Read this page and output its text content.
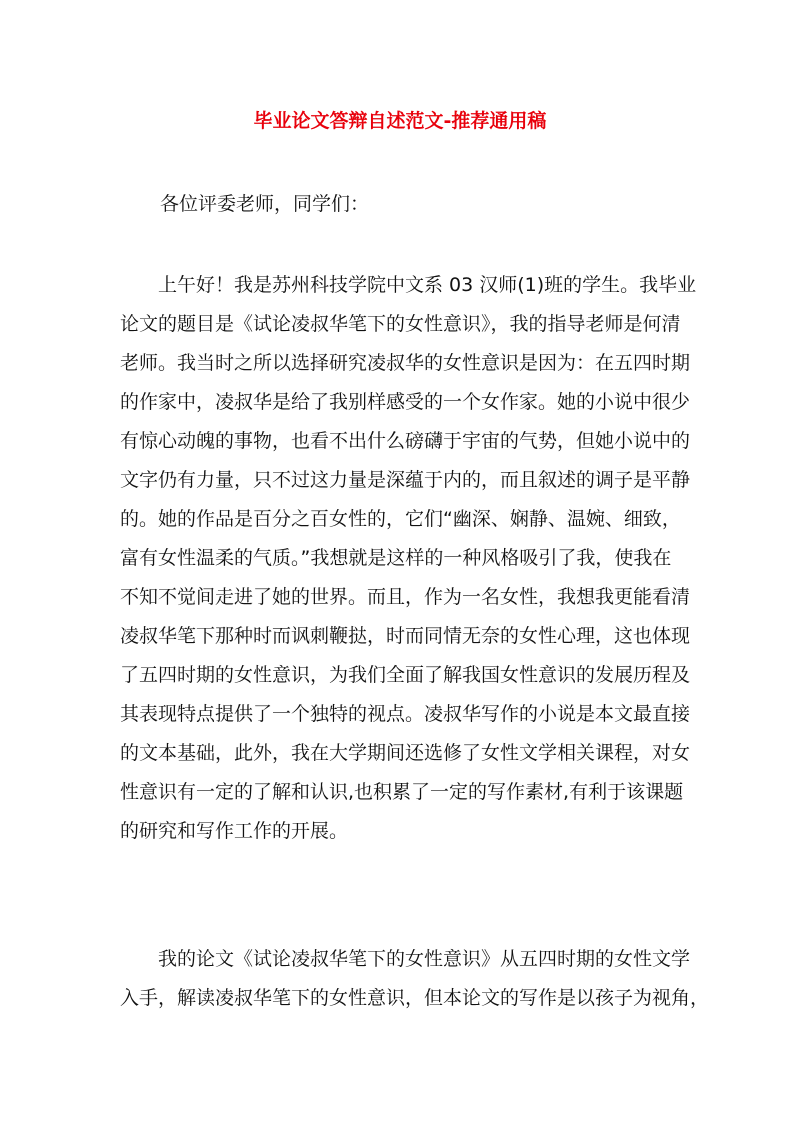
毕业论文答辩自述范文-推荐通用稿

各位评委老师，同学们：

上午好！我是苏州科技学院中文系 03 汉师(1)班的学生。我毕业
论文的题目是《试论凌叔华笔下的女性意识》，我的指导老师是何清
老师。我当时之所以选择研究凌叔华的女性意识是因为：在五四时期
的作家中，凌叔华是给了我别样感受的一个女作家。她的小说中很少
有惊心动魄的事物，也看不出什么磅礴于宇宙的气势，但她小说中的
文字仍有力量，只不过这力量是深蕴于内的，而且叙述的调子是平静
的。她的作品是百分之百女性的，它们“幽深、娴静、温婉、细致，
富有女性温柔的气质。”我想就是这样的一种风格吸引了我，使我在
不知不觉间走进了她的世界。而且，作为一名女性，我想我更能看清
凌叔华笔下那种时而讽刺鞭挞，时而同情无奈的女性心理，这也体现
了五四时期的女性意识，为我们全面了解我国女性意识的发展历程及
其表现特点提供了一个独特的视点。凌叔华写作的小说是本文最直接
的文本基础，此外，我在大学期间还选修了女性文学相关课程，对女
性意识有一定的了解和认识,也积累了一定的写作素材,有利于该课题
的研究和写作工作的开展。
我的论文《试论凌叔华笔下的女性意识》从五四时期的女性文学
入手，解读凌叔华笔下的女性意识，但本论文的写作是以孩子为视角，
